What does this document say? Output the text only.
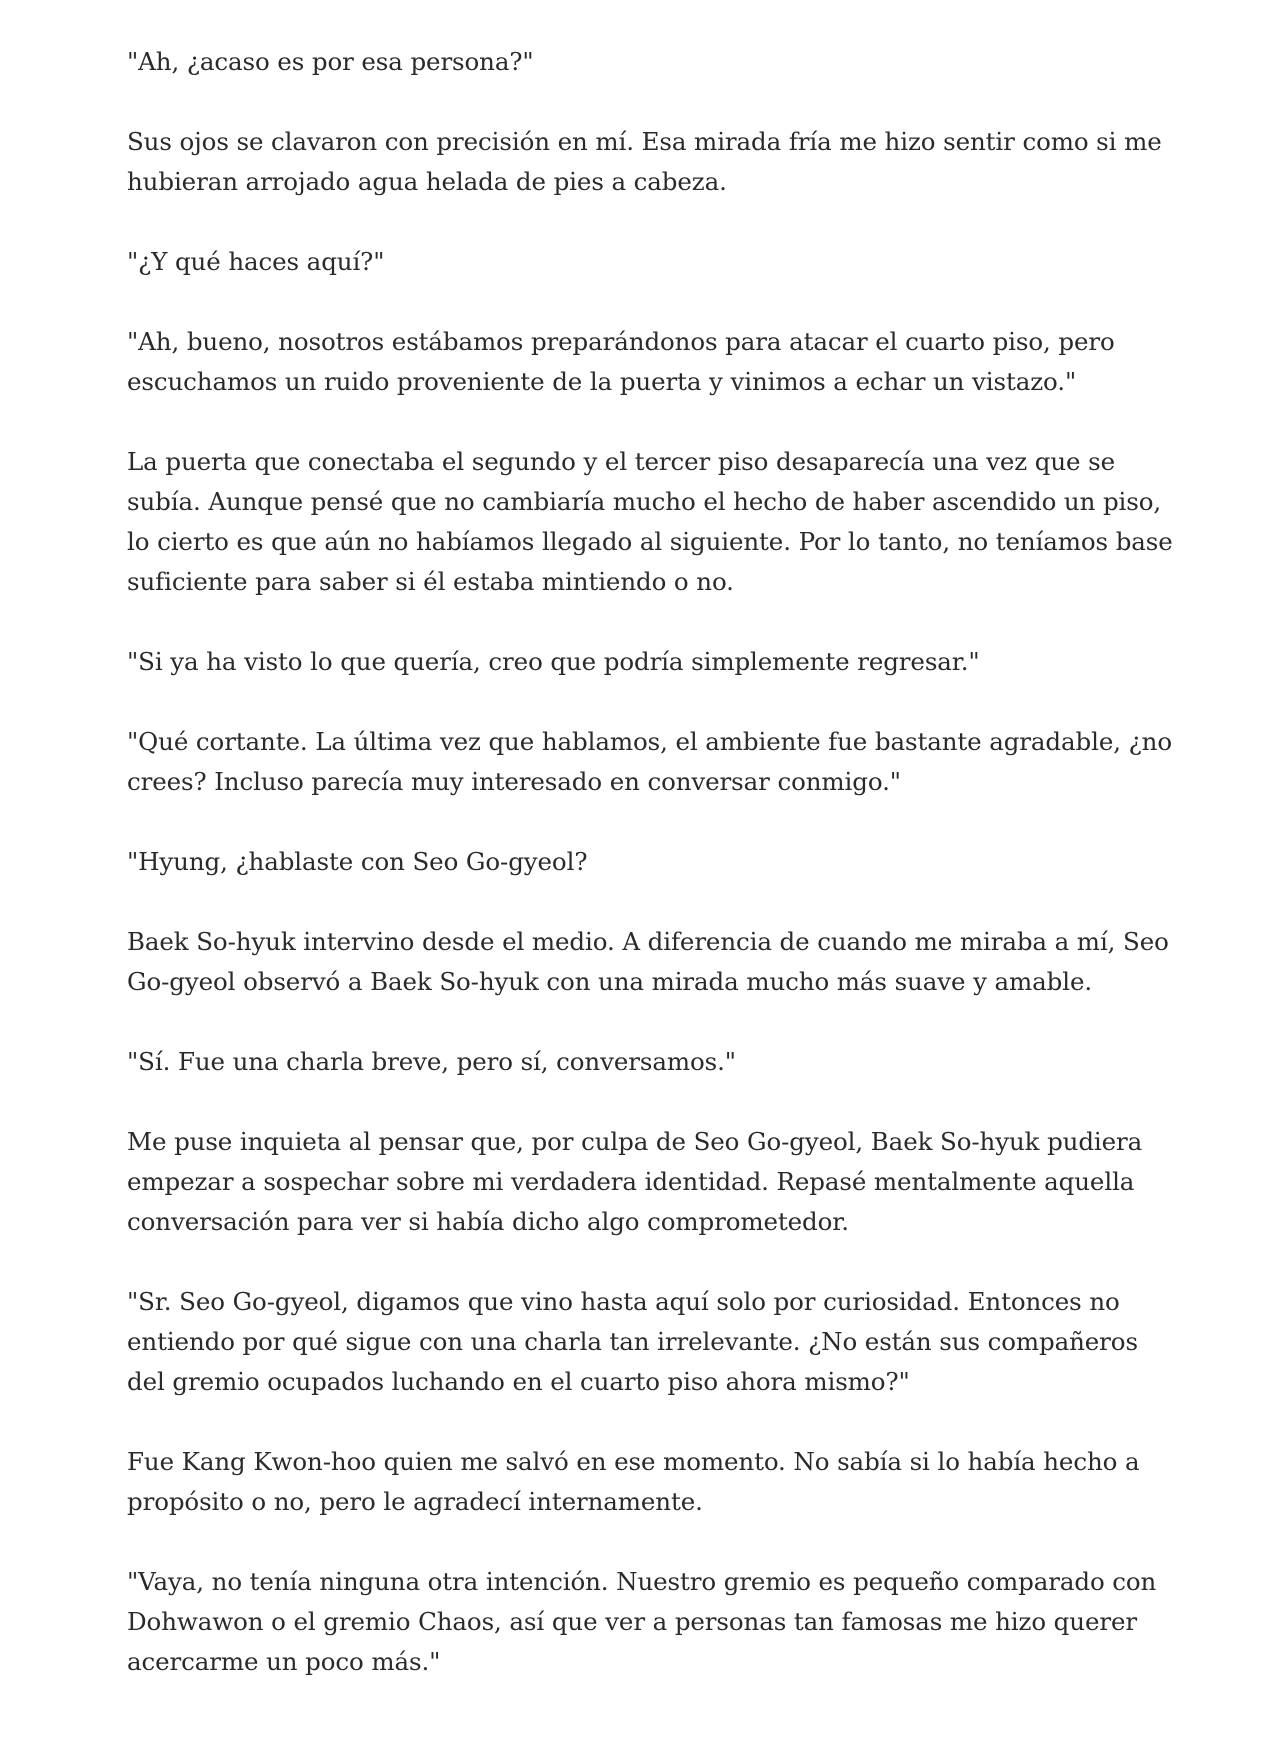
"Ah, ¿acaso es por esa persona?"

Sus ojos se clavaron con precisión en mí. Esa mirada fría me hizo sentir como si me hubieran arrojado agua helada de pies a cabeza.

"¿Y qué haces aquí?"

"Ah, bueno, nosotros estábamos preparándonos para atacar el cuarto piso, pero escuchamos un ruido proveniente de la puerta y vinimos a echar un vistazo."

La puerta que conectaba el segundo y el tercer piso desaparecía una vez que se subía. Aunque pensé que no cambiaría mucho el hecho de haber ascendido un piso, lo cierto es que aún no habíamos llegado al siguiente. Por lo tanto, no teníamos base suficiente para saber si él estaba mintiendo o no.

"Si ya ha visto lo que quería, creo que podría simplemente regresar."

"Qué cortante. La última vez que hablamos, el ambiente fue bastante agradable, ¿no crees? Incluso parecía muy interesado en conversar conmigo."

"Hyung, ¿hablaste con Seo Go-gyeol?

Baek So-hyuk intervino desde el medio. A diferencia de cuando me miraba a mí, Seo Go-gyeol observó a Baek So-hyuk con una mirada mucho más suave y amable.

"Sí. Fue una charla breve, pero sí, conversamos."

Me puse inquieta al pensar que, por culpa de Seo Go-gyeol, Baek So-hyuk pudiera empezar a sospechar sobre mi verdadera identidad. Repasé mentalmente aquella conversación para ver si había dicho algo comprometedor.

"Sr. Seo Go-gyeol, digamos que vino hasta aquí solo por curiosidad. Entonces no entiendo por qué sigue con una charla tan irrelevante. ¿No están sus compañeros del gremio ocupados luchando en el cuarto piso ahora mismo?"

Fue Kang Kwon-hoo quien me salvó en ese momento. No sabía si lo había hecho a propósito o no, pero le agradecí internamente.

"Vaya, no tenía ninguna otra intención. Nuestro gremio es pequeño comparado con Dohwawon o el gremio Chaos, así que ver a personas tan famosas me hizo querer acercarme un poco más."
